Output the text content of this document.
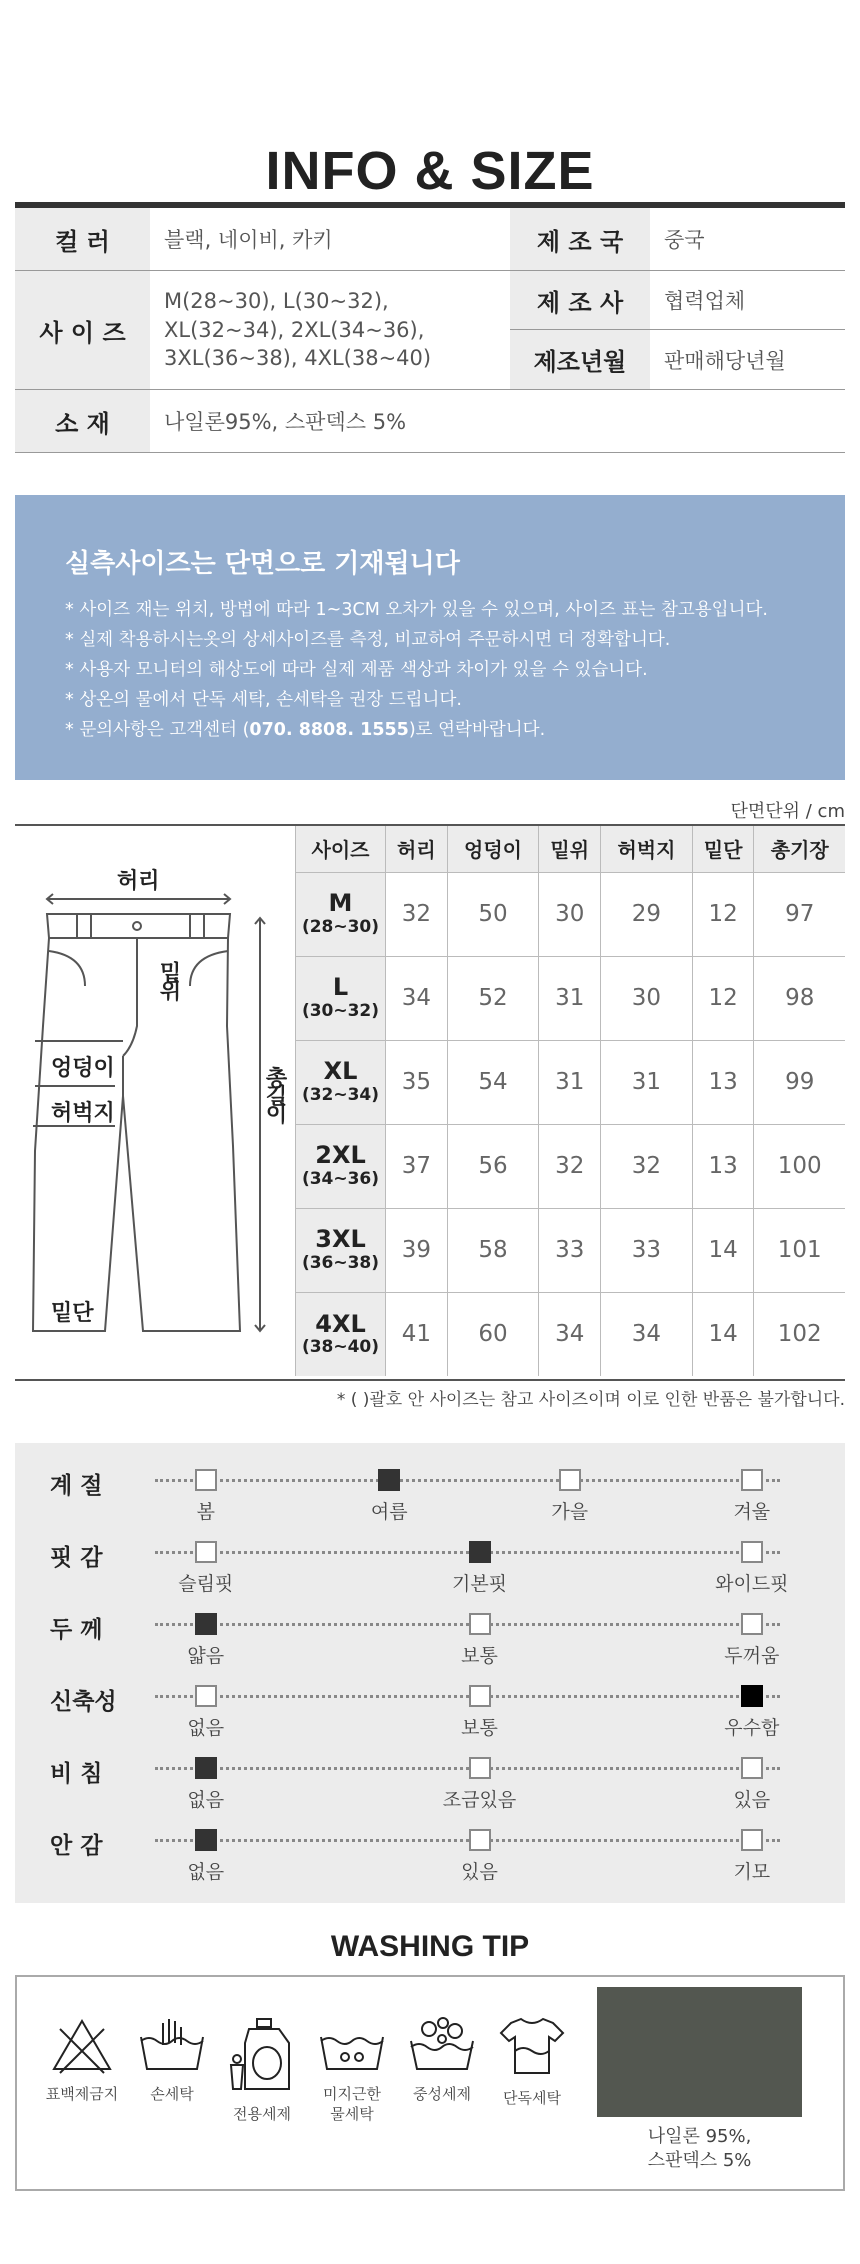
INFO & SIZE
컬 러	블랙, 네이비, 카키	제 조 국	중국
사 이 즈
M(28~30), L(30~32),
XL(32~34), 2XL(34~36),
3XL(36~38), 4XL(38~40)
제 조 사	협력업체
제조년월	판매해당년월
소 재	나일론95%, 스판덱스 5%
실측사이즈는 단면으로 기재됩니다
* 사이즈 재는 위치, 방법에 따라 1~3CM 오차가 있을 수 있으며, 사이즈 표는 참고용입니다.
* 실제 착용하시는옷의 상세사이즈를 측정, 비교하여 주문하시면 더 정확합니다.
* 사용자 모니터의 해상도에 따라 실제 제품 색상과 차이가 있을 수 있습니다.
* 상온의 물에서 단독 세탁, 손세탁을 권장 드립니다.
* 문의사항은 고객센터 (070. 8808. 1555)로 연락바랍니다.
단면단위 / cm
허리
밑위
엉덩이
허벅지
밑단
총길이
사이즈	허리	엉덩이	밑위	허벅지	밑단	총기장

M
(28~30)	32	50	30	29	12	97

L
(30~32)	34	52	31	30	12	98

XL
(32~34)	35	54	31	31	13	99

2XL
(34~36)	37	56	32	32	13	100

3XL
(36~38)	39	58	33	33	14	101

4XL
(38~40)	41	60	34	34	14	102
* ( )괄호 안 사이즈는 참고 사이즈이며 이로 인한 반품은 불가합니다.
계 절
봄	여름	가을	겨울
핏 감
슬림핏	기본핏	와이드핏
두 께
얇음	보통	두꺼움
신축성
없음	보통	우수함
비 침
없음	조금있음	있음
안 감
없음	있음	기모
WASHING TIP
표백제금지	손세탁
전용세제
미지근한
물세탁
중성세제	단독세탁
나일론 95%,
스판덱스 5%
